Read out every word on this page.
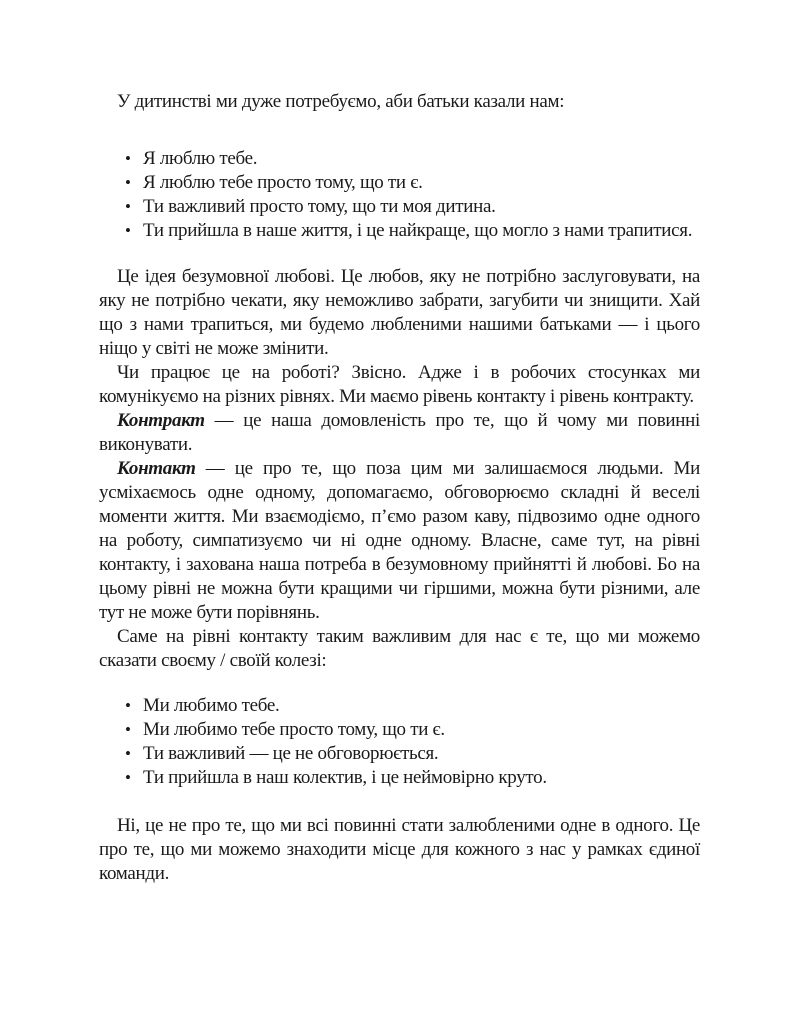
У дитинстві ми дуже потребуємо, аби батьки казали нам:

• Я люблю тебе.
• Я люблю тебе просто тому, що ти є.
• Ти важливий просто тому, що ти моя дитина.
• Ти прийшла в наше життя, і це найкраще, що могло з нами трапитися.

Це ідея безумовної любові. Це любов, яку не потрібно заслуговувати, на яку не потрібно чекати, яку неможливо забрати, загубити чи знищити. Хай що з нами трапиться, ми будемо любленими нашими батьками — і цього ніщо у світі не може змінити.

Чи працює це на роботі? Звісно. Адже і в робочих стосунках ми комунікуємо на різних рівнях. Ми маємо рівень контакту і рівень контракту.

Контракт — це наша домовленість про те, що й чому ми повинні виконувати.

Контакт — це про те, що поза цим ми залишаємося людьми. Ми усміхаємось одне одному, допомагаємо, обговорюємо складні й веселі моменти життя. Ми взаємодіємо, п’ємо разом каву, підвозимо одне одного на роботу, симпатизуємо чи ні одне одному. Власне, саме тут, на рівні контакту, і захована наша потреба в безумовному прийнятті й любові. Бо на цьому рівні не можна бути кращими чи гіршими, можна бути різними, але тут не може бути порівнянь.

Саме на рівні контакту таким важливим для нас є те, що ми можемо сказати своєму / своїй колезі:

• Ми любимо тебе.
• Ми любимо тебе просто тому, що ти є.
• Ти важливий — це не обговорюється.
• Ти прийшла в наш колектив, і це неймовірно круто.

Ні, це не про те, що ми всі повинні стати залюбленими одне в одного. Це про те, що ми можемо знаходити місце для кожного з нас у рамках єдиної команди.
